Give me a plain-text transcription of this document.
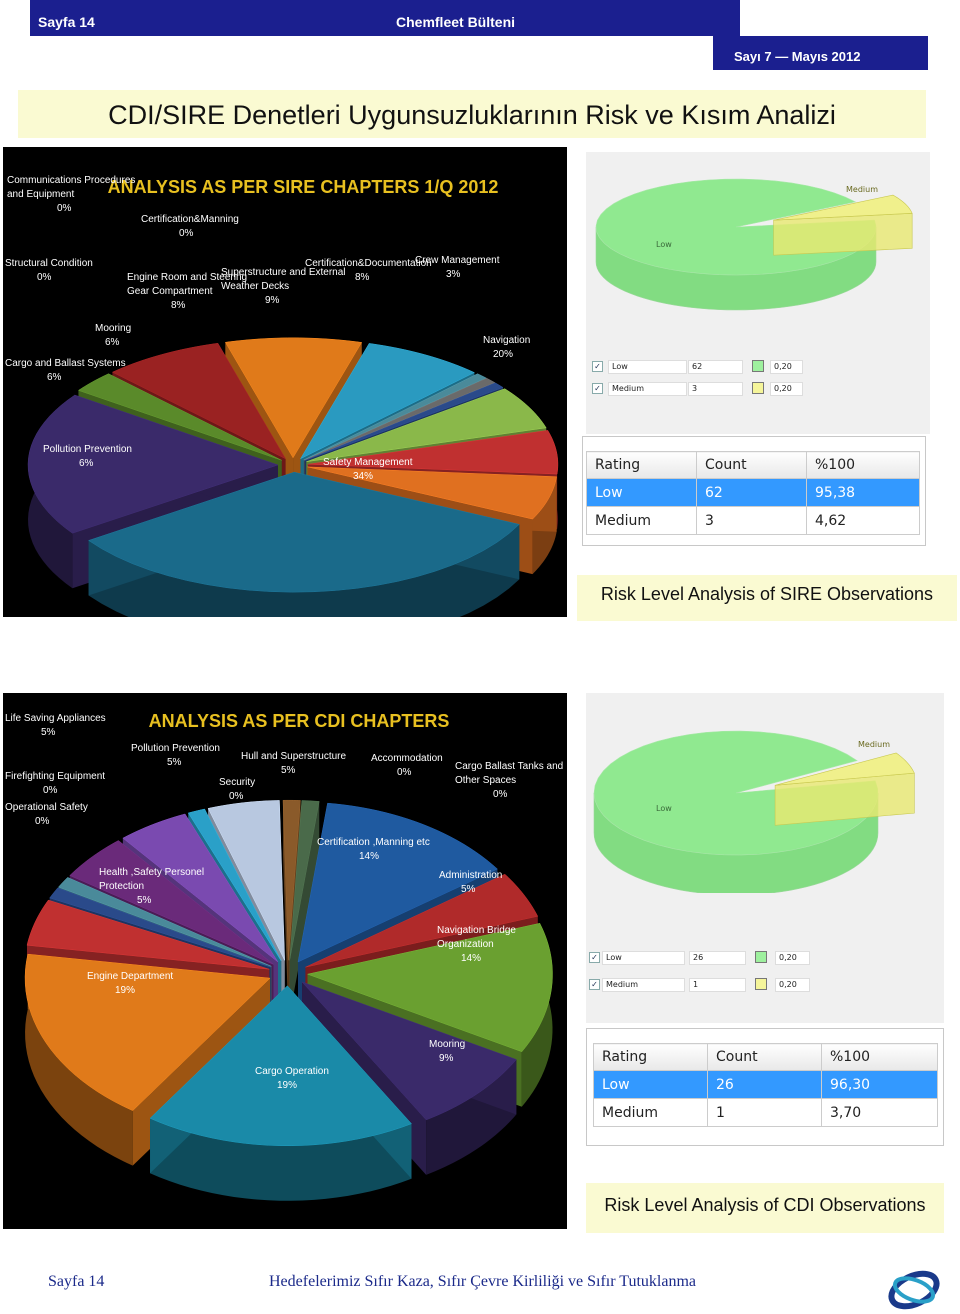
Sayfa 14	Chemfleet Bülteni
Sayı 7 — Mayıs 2012
CDI/SIRE Denetleri Uygunsuzluklarının Risk ve Kısım Analizi
ANALYSIS AS PER SIRE CHAPTERS 1/Q 2012
Safety Management
34%
Navigation
20%
Crew Management
3%
Certification&Documentation
8%
Superstructure and External
Weather Decks
9%
Engine Room and Steering
Gear Compartment
8%
Certification&Manning
0%
Communications Procedures
and Equipment
0%
Structural Condition
0%
Mooring
6%
Cargo and Ballast Systems
6%
Pollution Prevention
6%
Low
Medium
✓	Low	62	0,20
✓	Medium	3	0,20
Rating	Count	%100
Low	62	95,38
Medium	3	4,62
Risk Level Analysis of SIRE Observations
ANALYSIS AS PER CDI CHAPTERS
Certification ,Manning etc
14%
Administration
5%
Navigation Bridge
Organization
14%
Mooring
9%
Cargo Operation
19%
Engine Department
19%
Health ,Safety Personel
Protection
5%
Operational Safety
0%
Firefighting Equipment
0%
Life Saving Appliances
5%
Pollution Prevention
5%
Security
0%
Hull and Superstructure
5%
Accommodation
0%
Cargo Ballast Tanks and
Other Spaces
0%
Low
Medium
✓	Low	26	0,20
✓	Medium	1	0,20
Rating	Count	%100
Low	26	96,30
Medium	1	3,70
Risk Level Analysis of CDI Observations
Sayfa 14	Hedefelerimiz Sıfır Kaza, Sıfır Çevre Kirliliği ve Sıfır Tutuklanma
